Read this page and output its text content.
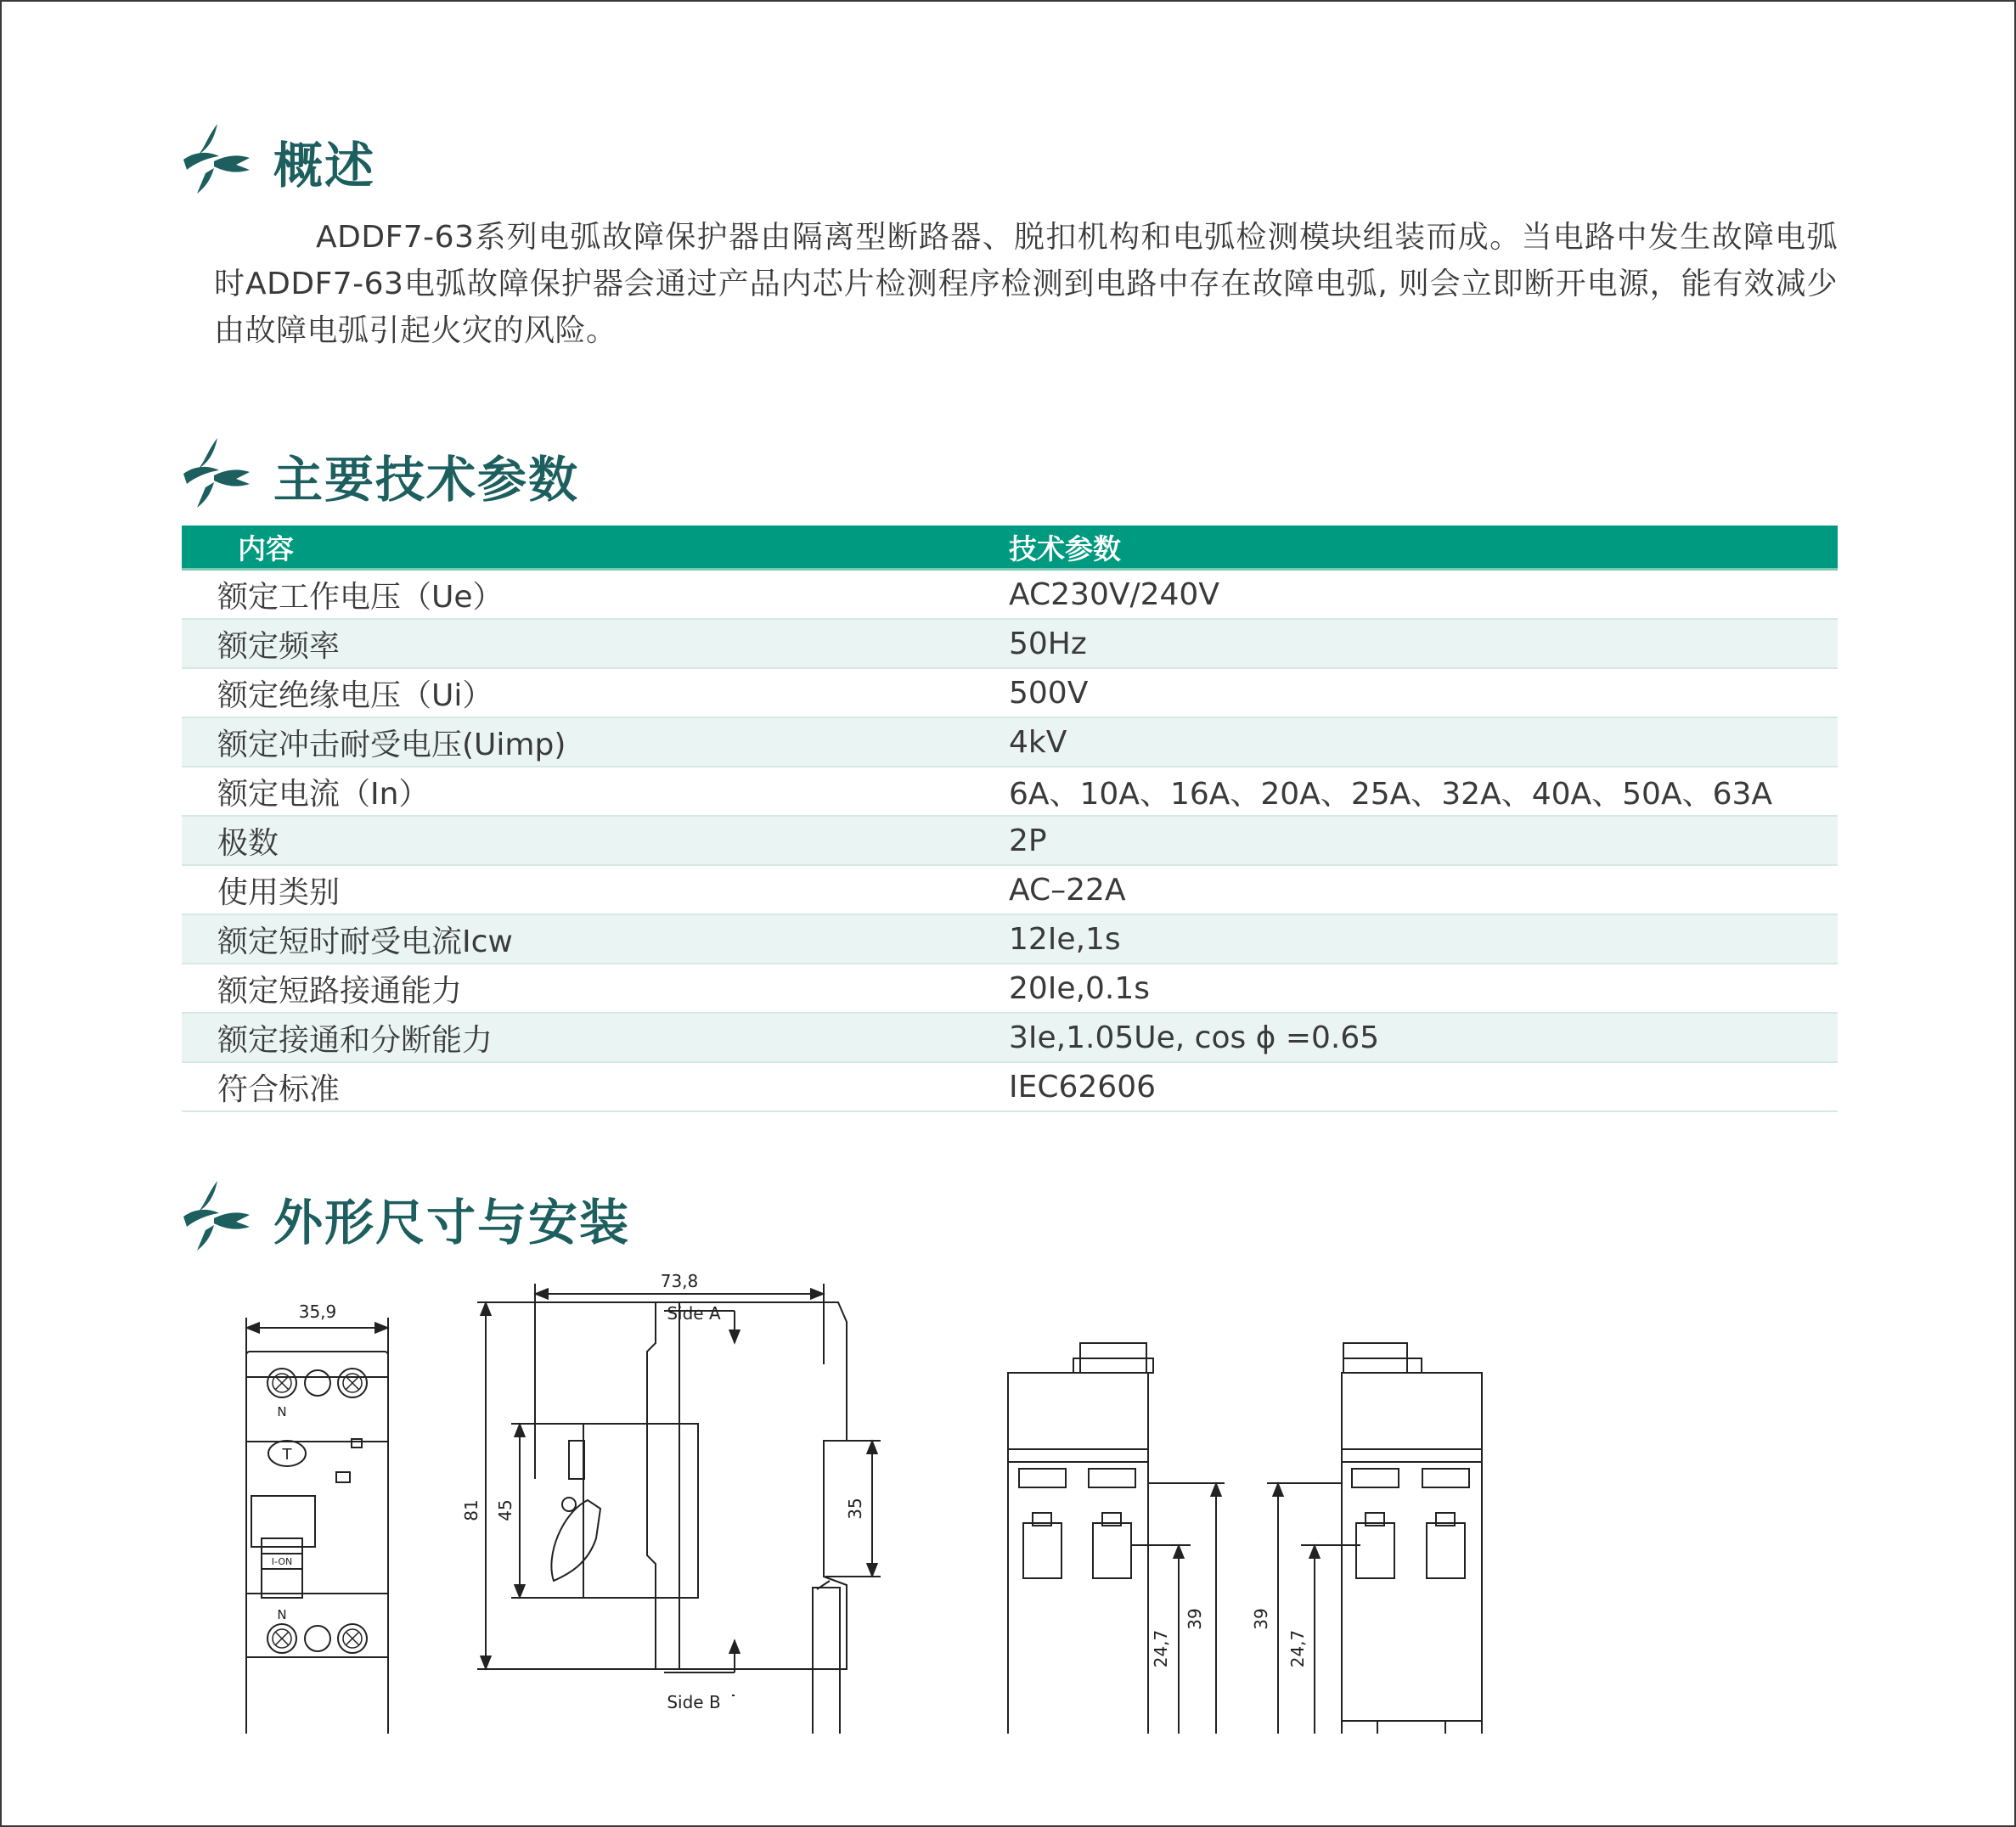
概述
ADDF7-63系列电弧故障保护器由隔离型断路器、脱扣机构和电弧检测模块组装而成。当电路中发生故障电弧时ADDF7-63电弧故障保护器会通过产品内芯片检测程序检测到电路中存在故障电弧, 则会立即断开电源，能有效减少由故障电弧引起火灾的风险。
主要技术参数
内容	技术参数
额定工作电压（Ue）	AC230V/240V
额定频率	50Hz
额定绝缘电压（Ui）	500V
额定冲击耐受电压(Uimp)	4kV
额定电流（In）	6A、10A、16A、20A、25A、32A、40A、50A、63A
极数	2P
使用类别	AC–22A
额定短时耐受电流Icw	12Ie,1s
额定短路接通能力	20Ie,0.1s
额定接通和分断能力	3Ie,1.05Ue, cos ϕ =0.65
符合标准	IEC62606
外形尺寸与安装
35,9
N
T
I-ON
N
73,8
Side A
Side B
81 45	35
39
24,7
39
24,7
